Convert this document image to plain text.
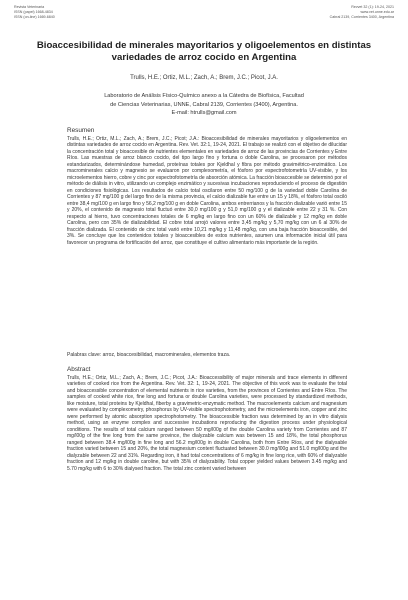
Revista Veterinaria
ISSN (papel) 1668-4834
ISSN (on-line) 1669-6840
Revvet 32 (1): 19-24, 2021
www.vet.unne.edu.ar
Cabral 2139, Corrientes 3400, Argentina
Bioaccesibilidad de minerales mayoritarios y oligoelementos en distintas variedades de arroz cocido en Argentina
Trulls, H.E.; Ortiz, M.L.; Zach, A.; Brem, J.C.; Picot, J.A.
Laboratorio de Análisis Físico-Químico anexo a la Cátedra de Biofísica, Facultad
de Ciencias Veterinarias, UNNE, Cabral 2139, Corrientes (3400), Argentina.
E-mail: htrulls@gmail.com
Resumen

Trulls, H.E.; Ortiz, M.L.; Zach, A.; Brem, J.C.; Picot; J.A.: Bioaccesibilidad de minerales mayoritarios y oligoelementos en distintas variedades de arroz cocido en Argentina. Rev. Vet. 32:1, 19-24, 2021. El trabajo se realizó con el objetivo de dilucidar la concentración total y bioaccesible de nutrientes elementales en variedades de arroz de las provincias de Corrientes y Entre Ríos. Las muestras de arroz blanco cocido, del tipo largo fino y fortuna o doble Carolina, se procesaron por métodos estandarizados, determinándose humedad, proteínas totales por Kjeldhal y fibra por método gravimétrico-enzimático. Los macrominerales calcio y magnesio se evaluaron por complexometría, el fósforo por espectrofotometría UV-visible, y los microelementos hierro, cobre y cinc por espectrofotometría de absorción atómica. La fracción bioaccesible se determinó por el método de diálisis in vitro, utilizando un complejo enzimático y sucesivas incubaciones reproduciendo el proceso de digestión en condiciones fisiológicas. Los resultados de calcio total oscilaron entre 50 mg/100 g de la variedad doble Carolina de Corrientes y 87 mg/100 g del largo fino de la misma provincia, el calcio dializable fue entre un 15 y 18%, el fósforo total osciló entre 38,4 mg/100 g en largo fino y 56,2 mg/100 g en doble Carolina, ambos entrerrianos y la fracción dializable varió entre 15 y 20%, el contenido de magnesio total fluctuó entre 30,0 mg/100 g y 51,0 mg/100 g y el dializable entre 22 y 31 %. Con respecto al hierro, tuvo concentraciones totales de 6 mg/kg en largo fino con un 60% de dializable y 12 mg/kg en doble Carolina, pero con 35% de dializabilidad. El cobre total arrojó valores entre 3,45 mg/kg y 5,70 mg/kg con un 6 al 30% de fracción dializada. El contenido de cinc total varió entre 10,21 mg/kg y 11,48 mg/kg, con una baja fracción bioaccesible, del 3%. Se concluye que los contenidos totales y bioaccesibles de estos nutrientes, asumen una información inicial útil para favorecer un programa de fortificación del arroz, que constituye el cultivo alimentario más importante de la región.

Palabras clave: arroz, bioaccesibilidad, macrominerales, elementos traza.

Abstract

Trulls, H.E.; Ortiz, M.L.; Zach, A.; Brem, J.C.; Picot, J.A.: Bioaccessibility of major minerals and trace elements in different varieties of cooked rice from the Argentina. Rev. Vet. 32: 1, 19-24, 2021. The objective of this work was to evaluate the total and bioaccessible concentration of elemental nutrients in rice varieties, from the provinces of Corrientes and Entre Ríos. The samples of cooked white rice, fine long and fortuna or double Carolina varieties, were processed by standardized methods, like moisture, total proteins by Kjeldhal, fiberby a gravimetric-enzymatic method. The macroelements calcium and magnesium were evaluated by complexometry, phosphorus by UV-visible spectrophotometry, and the microelements iron, copper and zinc were performed by atomic absorption spectrophotometry. The bioaccessible fraction was determined by an in vitro dialysis method, using an enzyme complex and successive incubations reproducing the digestion process under physiological conditions. The results of total calcium ranged between 50 mg/l00g of the double Carolina variety from Corrientes and 87 mg/l00g of the fine long from the same province, the dialyzable calcium was between 15 and 18%, the total phosphorus ranged between 38.4 mg/l00g in fine long and 56.2 mg/l00g in double Carolina, both from Entre Ríos, and the dialysable fraction varied between 15 and 20%, the total magnesium content fluctuated between 30.0 mg/l00g and 51.0 mg/l00g and the dialyzable between 22 and 31%. Regarding iron, it had total concentrations of 6 mg/kg in fine long rice, with 60% of dialyzable fraction and 12 mg/kg in double caroline, but with 35% of dialyzability. Total copper yielded values between 3.45 mg/kg and 5.70 mg/kg with 6 to 30% dialysed fraction. The total zinc content varied between
